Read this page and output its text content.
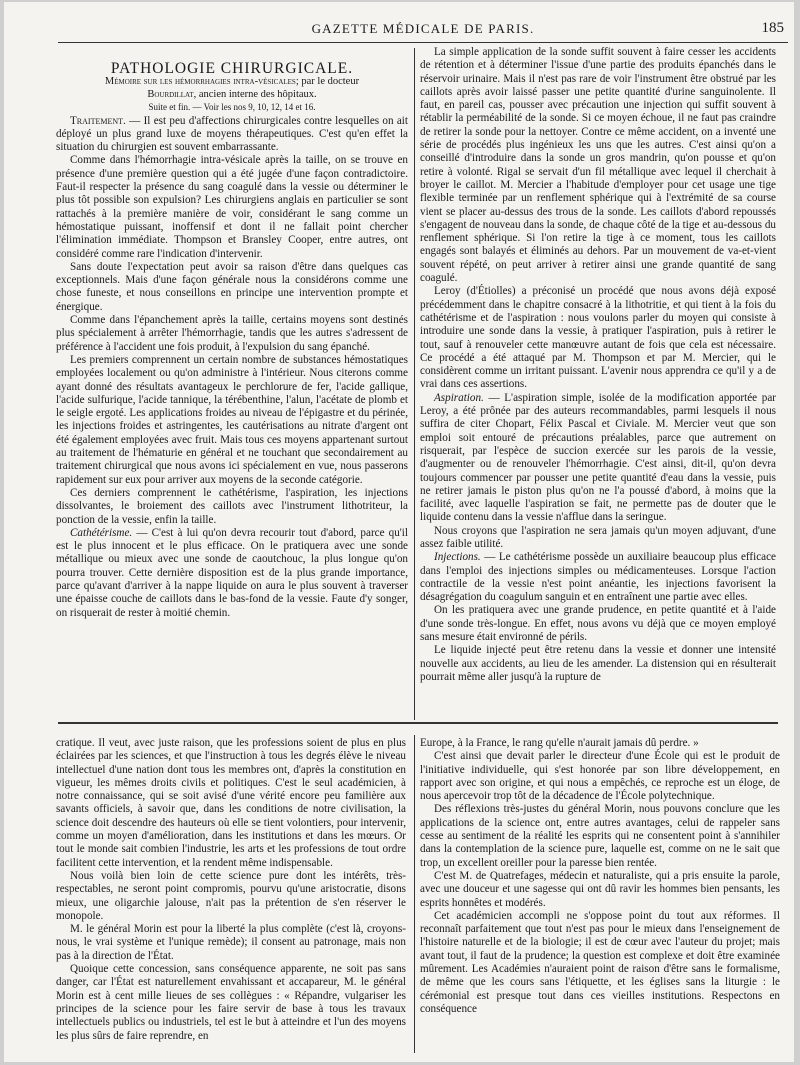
GAZETTE MÉDICALE DE PARIS.	185

PATHOLOGIE CHIRURGICALE.

Mémoire sur les hémorrhagies intra-vésicales; par le docteur
Bourdillat, ancien interne des hôpitaux.

Suite et fin. — Voir les nos 9, 10, 12, 14 et 16.

Traitement. — Il est peu d'affections chirurgicales contre lesquelles on ait déployé un plus grand luxe de moyens thérapeutiques. C'est qu'en effet la situation du chirurgien est souvent embarrassante.

Comme dans l'hémorrhagie intra-vésicale après la taille, on se trouve en présence d'une première question qui a été jugée d'une façon contradictoire. Faut-il respecter la présence du sang coagulé dans la vessie ou déterminer le plus tôt possible son expulsion? Les chirurgiens anglais en particulier se sont rattachés à la première manière de voir, considérant le sang comme un hémostatique puissant, inoffensif et dont il ne fallait point chercher l'élimination immédiate. Thompson et Bransley Cooper, entre autres, ont considéré comme rare l'indication d'intervenir.

Sans doute l'expectation peut avoir sa raison d'être dans quelques cas exceptionnels. Mais d'une façon générale nous la considérons comme une chose funeste, et nous conseillons en principe une intervention prompte et énergique.

Comme dans l'épanchement après la taille, certains moyens sont destinés plus spécialement à arrêter l'hémorrhagie, tandis que les autres s'adressent de préférence à l'accident une fois produit, à l'expulsion du sang épanché.

Les premiers comprennent un certain nombre de substances hémostatiques employées localement ou qu'on administre à l'intérieur. Nous citerons comme ayant donné des résultats avantageux le perchlorure de fer, l'acide gallique, l'acide sulfurique, l'acide tannique, la térébenthine, l'alun, l'acétate de plomb et le seigle ergoté. Les applications froides au niveau de l'épigastre et du périnée, les injections froides et astringentes, les cautérisations au nitrate d'argent ont été également employées avec fruit. Mais tous ces moyens appartenant surtout au traitement de l'hématurie en général et ne touchant que secondairement au traitement chirurgical que nous avons ici spécialement en vue, nous passerons rapidement sur eux pour arriver aux moyens de la seconde catégorie.

Ces derniers comprennent le cathétérisme, l'aspiration, les injections dissolvantes, le broiement des caillots avec l'instrument lithotriteur, la ponction de la vessie, enfin la taille.

Cathétérisme. — C'est à lui qu'on devra recourir tout d'abord, parce qu'il est le plus innocent et le plus efficace. On le pratiquera avec une sonde métallique ou mieux avec une sonde de caoutchouc, la plus longue qu'on pourra trouver. Cette dernière disposition est de la plus grande importance, parce qu'avant d'arriver à la nappe liquide on aura le plus souvent à traverser une épaisse couche de caillots dans le bas-fond de la vessie. Faute d'y songer, on risquerait de rester à moitié chemin.

La simple application de la sonde suffit souvent à faire cesser les accidents de rétention et à déterminer l'issue d'une partie des produits épanchés dans le réservoir urinaire. Mais il n'est pas rare de voir l'instrument être obstrué par les caillots après avoir laissé passer une petite quantité d'urine sanguinolente. Il faut, en pareil cas, pousser avec précaution une injection qui suffit souvent à rétablir la perméabilité de la sonde. Si ce moyen échoue, il ne faut pas craindre de retirer la sonde pour la nettoyer. Contre ce même accident, on a inventé une série de procédés plus ingénieux les uns que les autres. C'est ainsi qu'on a conseillé d'introduire dans la sonde un gros mandrin, qu'on pousse et qu'on retire à volonté. Rigal se servait d'un fil métallique avec lequel il cherchait à broyer le caillot. M. Mercier a l'habitude d'employer pour cet usage une tige flexible terminée par un renflement sphérique qui à l'extrémité de sa course vient se placer au-dessus des trous de la sonde. Les caillots d'abord repoussés s'engagent de nouveau dans la sonde, de chaque côté de la tige et au-dessous du renflement sphérique. Si l'on retire la tige à ce moment, tous les caillots engagés sont balayés et éliminés au dehors. Par un mouvement de va-et-vient souvent répété, on peut arriver à retirer ainsi une grande quantité de sang coagulé.

Leroy (d'Étiolles) a préconisé un procédé que nous avons déjà exposé précédemment dans le chapitre consacré à la lithotritie, et qui tient à la fois du cathétérisme et de l'aspiration : nous voulons parler du moyen qui consiste à introduire une sonde dans la vessie, à pratiquer l'aspiration, puis à retirer le tout, sauf à renouveler cette manœuvre autant de fois que cela est nécessaire. Ce procédé a été attaqué par M. Thompson et par M. Mercier, qui le considèrent comme un irritant puissant. L'avenir nous apprendra ce qu'il y a de vrai dans ces assertions.

Aspiration. — L'aspiration simple, isolée de la modification apportée par Leroy, a été prônée par des auteurs recommandables, parmi lesquels il nous suffira de citer Chopart, Félix Pascal et Civiale. M. Mercier veut que son emploi soit entouré de précautions préalables, parce que autrement on risquerait, par l'espèce de succion exercée sur les parois de la vessie, d'augmenter ou de renouveler l'hémorrhagie. C'est ainsi, dit-il, qu'on devra toujours commencer par pousser une petite quantité d'eau dans la vessie, puis ne retirer jamais le piston plus qu'on ne l'a poussé d'abord, à moins que la facilité, avec laquelle l'aspiration se fait, ne permette pas de douter que le liquide contenu dans la vessie n'afflue dans la seringue.

Nous croyons que l'aspiration ne sera jamais qu'un moyen adjuvant, d'une assez faible utilité.

Injections. — Le cathétérisme possède un auxiliaire beaucoup plus efficace dans l'emploi des injections simples ou médicamenteuses. Lorsque l'action contractile de la vessie n'est point anéantie, les injections favorisent la désagrégation du coagulum sanguin et en entraînent une partie avec elles.

On les pratiquera avec une grande prudence, en petite quantité et à l'aide d'une sonde très-longue. En effet, nous avons vu déjà que ce moyen employé sans mesure était environné de périls.

Le liquide injecté peut être retenu dans la vessie et donner une intensité nouvelle aux accidents, au lieu de les amender. La distension qui en résulterait pourrait même aller jusqu'à la rupture de

cratique. Il veut, avec juste raison, que les professions soient de plus en plus éclairées par les sciences, et que l'instruction à tous les degrés élève le niveau intellectuel d'une nation dont tous les membres ont, d'après la constitution en vigueur, les mêmes droits civils et politiques. C'est le seul académicien, à notre connaissance, qui se soit avisé d'une vérité encore peu familière aux savants officiels, à savoir que, dans les conditions de notre civilisation, la science doit descendre des hauteurs où elle se tient volontiers, pour intervenir, comme un moyen d'amélioration, dans les institutions et dans les mœurs. Or tout le monde sait combien l'industrie, les arts et les professions de tout ordre facilitent cette intervention, et la rendent même indispensable.

Nous voilà bien loin de cette science pure dont les intérêts, très-respectables, ne seront point compromis, pourvu qu'une aristocratie, disons mieux, une oligarchie jalouse, n'ait pas la prétention de s'en réserver le monopole.

M. le général Morin est pour la liberté la plus complète (c'est là, croyons-nous, le vrai système et l'unique remède); il consent au patronage, mais non pas à la direction de l'État.

Quoique cette concession, sans conséquence apparente, ne soit pas sans danger, car l'État est naturellement envahissant et accapareur, M. le général Morin est à cent mille lieues de ses collègues : « Répandre, vulgariser les principes de la science pour les faire servir de base à tous les travaux intellectuels publics ou industriels, tel est le but à atteindre et l'un des moyens les plus sûrs de faire reprendre, en

Europe, à la France, le rang qu'elle n'aurait jamais dû perdre. »

C'est ainsi que devait parler le directeur d'une École qui est le produit de l'initiative individuelle, qui s'est honorée par son libre développement, en rapport avec son origine, et qui nous a empêchés, ce reproche est un éloge, de nous apercevoir trop tôt de la décadence de l'École polytechnique.

Des réflexions très-justes du général Morin, nous pouvons conclure que les applications de la science ont, entre autres avantages, celui de rappeler sans cesse au sentiment de la réalité les esprits qui ne consentent point à s'annihiler dans la contemplation de la science pure, laquelle est, comme on ne le sait que trop, un excellent oreiller pour la paresse bien rentée.

C'est M. de Quatrefages, médecin et naturaliste, qui a pris ensuite la parole, avec une douceur et une sagesse qui ont dû ravir les hommes bien pensants, les esprits honnêtes et modérés.

Cet académicien accompli ne s'oppose point du tout aux réformes. Il reconnaît parfaitement que tout n'est pas pour le mieux dans l'enseignement de l'histoire naturelle et de la biologie; il est de cœur avec l'auteur du projet; mais avant tout, il faut de la prudence; la question est complexe et doit être examinée mûrement. Les Académies n'auraient point de raison d'être sans le formalisme, de même que les cours sans l'étiquette, et les églises sans la liturgie : le cérémonial est presque tout dans ces vieilles institutions. Respectons en conséquence
